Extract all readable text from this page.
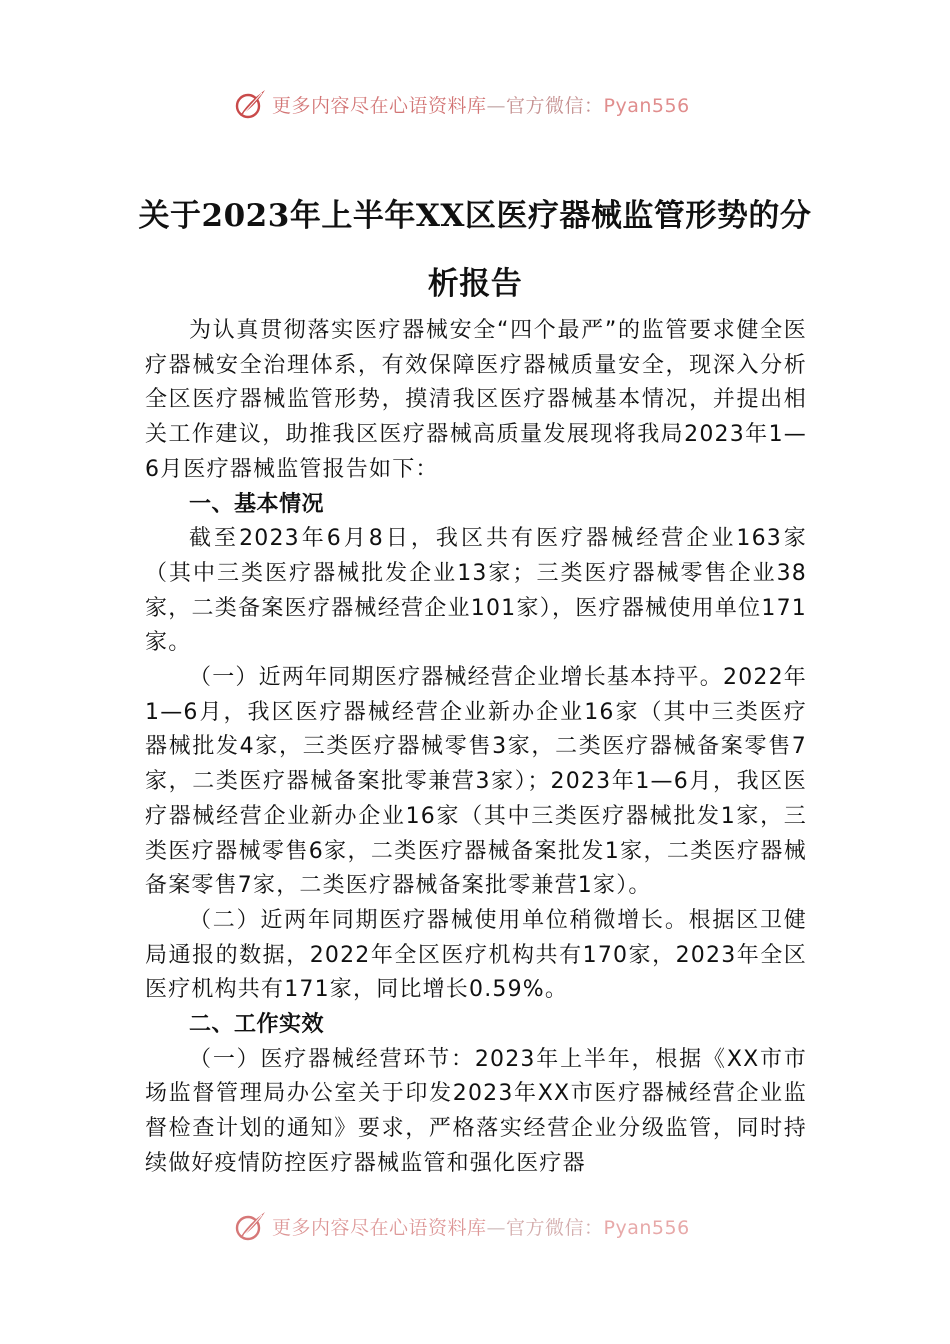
更多内容尽在心语资料库—官方微信：Pyan556
关于2023年上半年XX区医疗器械监管形势的分析报告

为认真贯彻落实医疗器械安全“四个最严”的监管要求健全医疗器械安全治理体系，有效保障医疗器械质量安全，现深入分析全区医疗器械监管形势，摸清我区医疗器械基本情况，并提出相关工作建议，助推我区医疗器械高质量发展现将我局2023年1—6月医疗器械监管报告如下：

一、基本情况

截至2023年6月8日，我区共有医疗器械经营企业163家（其中三类医疗器械批发企业13家；三类医疗器械零售企业38家，二类备案医疗器械经营企业101家），医疗器械使用单位171家。

（一）近两年同期医疗器械经营企业增长基本持平。2022年1—6月，我区医疗器械经营企业新办企业16家（其中三类医疗器械批发4家，三类医疗器械零售3家，二类医疗器械备案零售7家，二类医疗器械备案批零兼营3家）；2023年1—6月，我区医疗器械经营企业新办企业16家（其中三类医疗器械批发1家，三类医疗器械零售6家，二类医疗器械备案批发1家，二类医疗器械备案零售7家，二类医疗器械备案批零兼营1家）。

（二）近两年同期医疗器械使用单位稍微增长。根据区卫健局通报的数据，2022年全区医疗机构共有170家，2023年全区医疗机构共有171家，同比增长0.59%。

二、工作实效

（一）医疗器械经营环节：2023年上半年，根据《XX市市场监督管理局办公室关于印发2023年XX市医疗器械经营企业监督检查计划的通知》要求，严格落实经营企业分级监管，同时持续做好疫情防控医疗器械监管和强化医疗器

更多内容尽在心语资料库—官方微信：Pyan556
